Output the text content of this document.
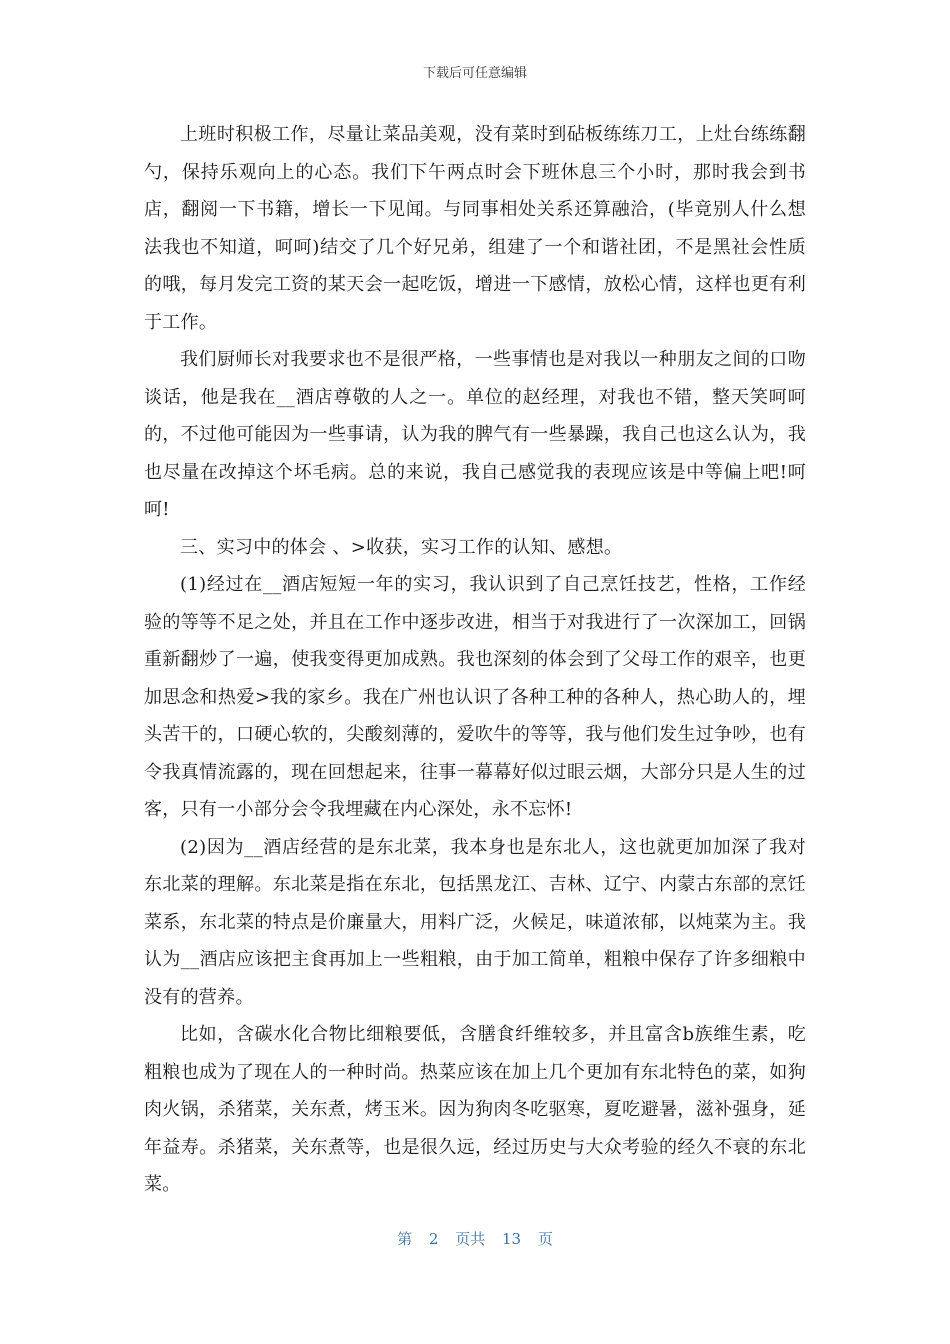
下载后可任意编辑

上班时积极工作，尽量让菜品美观，没有菜时到砧板练练刀工，上灶台练练翻勺，保持乐观向上的心态。我们下午两点时会下班休息三个小时，那时我会到书店，翻阅一下书籍，增长一下见闻。与同事相处关系还算融洽，(毕竟别人什么想法我也不知道，呵呵)结交了几个好兄弟，组建了一个和谐社团，不是黑社会性质的哦，每月发完工资的某天会一起吃饭，增进一下感情，放松心情，这样也更有利于工作。

我们厨师长对我要求也不是很严格，一些事情也是对我以一种朋友之间的口吻谈话，他是我在__酒店尊敬的人之一。单位的赵经理，对我也不错，整天笑呵呵的，不过他可能因为一些事请，认为我的脾气有一些暴躁，我自己也这么认为，我也尽量在改掉这个坏毛病。总的来说，我自己感觉我的表现应该是中等偏上吧!呵呵!

三、实习中的体会 、>收获，实习工作的认知、感想。

(1)经过在__酒店短短一年的实习，我认识到了自己烹饪技艺，性格，工作经验的等等不足之处，并且在工作中逐步改进，相当于对我进行了一次深加工，回锅重新翻炒了一遍，使我变得更加成熟。我也深刻的体会到了父母工作的艰辛，也更加思念和热爱>我的家乡。我在广州也认识了各种工种的各种人，热心助人的，埋头苦干的，口硬心软的，尖酸刻薄的，爱吹牛的等等，我与他们发生过争吵，也有令我真情流露的，现在回想起来，往事一幕幕好似过眼云烟，大部分只是人生的过客，只有一小部分会令我埋藏在内心深处，永不忘怀!

(2)因为__酒店经营的是东北菜，我本身也是东北人，这也就更加加深了我对东北菜的理解。东北菜是指在东北，包括黑龙江、吉林、辽宁、内蒙古东部的烹饪菜系，东北菜的特点是价廉量大，用料广泛，火候足，味道浓郁，以炖菜为主。我认为__酒店应该把主食再加上一些粗粮，由于加工简单，粗粮中保存了许多细粮中没有的营养。

比如，含碳水化合物比细粮要低，含膳食纤维较多，并且富含b族维生素，吃粗粮也成为了现在人的一种时尚。热菜应该在加上几个更加有东北特色的菜，如狗肉火锅，杀猪菜，关东煮，烤玉米。因为狗肉冬吃驱寒，夏吃避暑，滋补强身，延年益寿。杀猪菜，关东煮等，也是很久远，经过历史与大众考验的经久不衰的东北菜。

第 2 页共 13 页
